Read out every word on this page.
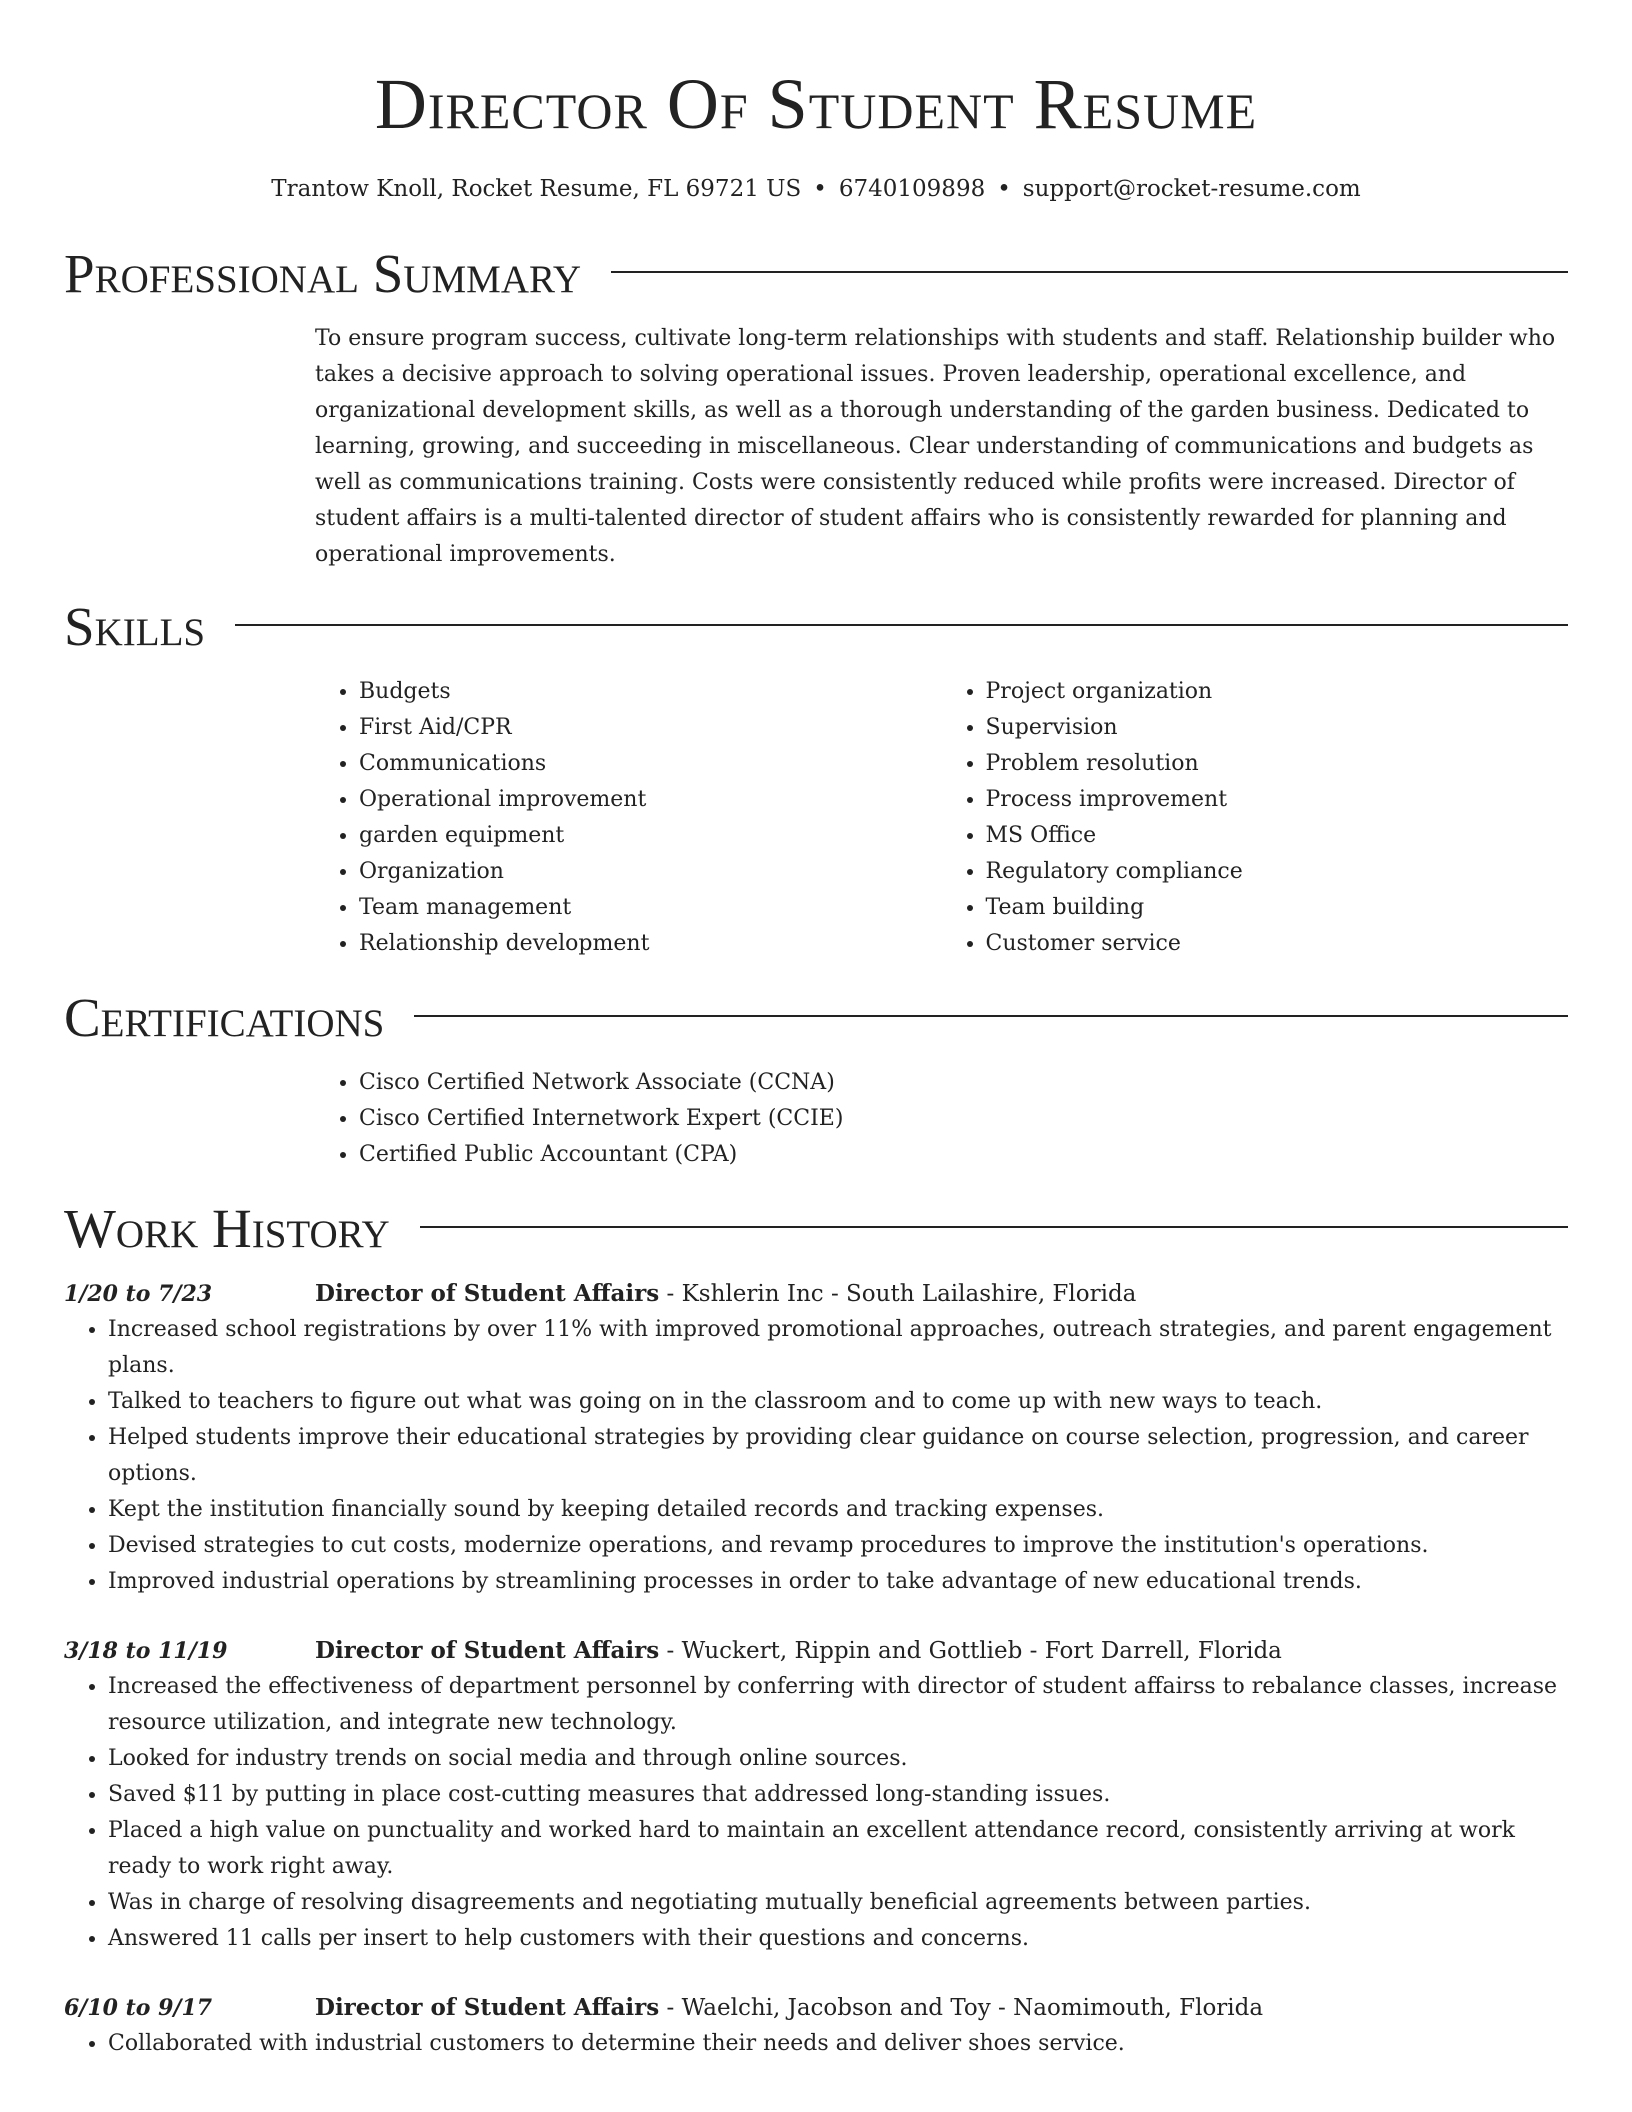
Director Of Student Resume
Trantow Knoll, Rocket Resume, FL 69721 US • 6740109898 • support@rocket-resume.com
Professional Summary
To ensure program success, cultivate long-term relationships with students and staff. Relationship builder who takes a decisive approach to solving operational issues. Proven leadership, operational excellence, and organizational development skills, as well as a thorough understanding of the garden business. Dedicated to learning, growing, and succeeding in miscellaneous. Clear understanding of communications and budgets as well as communications training. Costs were consistently reduced while profits were increased. Director of student affairs is a multi-talented director of student affairs who is consistently rewarded for planning and operational improvements.
Skills
• Budgets
• First Aid/CPR
• Communications
• Operational improvement
• garden equipment
• Organization
• Team management
• Relationship development
• Project organization
• Supervision
• Problem resolution
• Process improvement
• MS Office
• Regulatory compliance
• Team building
• Customer service
Certifications
• Cisco Certified Network Associate (CCNA)
• Cisco Certified Internetwork Expert (CCIE)
• Certified Public Accountant (CPA)
Work History
1/20 to 7/23	Director of Student Affairs - Kshlerin Inc - South Lailashire, Florida
• Increased school registrations by over 11% with improved promotional approaches, outreach strategies, and parent engagement plans.
• Talked to teachers to figure out what was going on in the classroom and to come up with new ways to teach.
• Helped students improve their educational strategies by providing clear guidance on course selection, progression, and career options.
• Kept the institution financially sound by keeping detailed records and tracking expenses.
• Devised strategies to cut costs, modernize operations, and revamp procedures to improve the institution's operations.
• Improved industrial operations by streamlining processes in order to take advantage of new educational trends.
3/18 to 11/19	Director of Student Affairs - Wuckert, Rippin and Gottlieb - Fort Darrell, Florida
• Increased the effectiveness of department personnel by conferring with director of student affairss to rebalance classes, increase resource utilization, and integrate new technology.
• Looked for industry trends on social media and through online sources.
• Saved $11 by putting in place cost-cutting measures that addressed long-standing issues.
• Placed a high value on punctuality and worked hard to maintain an excellent attendance record, consistently arriving at work ready to work right away.
• Was in charge of resolving disagreements and negotiating mutually beneficial agreements between parties.
• Answered 11 calls per insert to help customers with their questions and concerns.
6/10 to 9/17	Director of Student Affairs - Waelchi, Jacobson and Toy - Naomimouth, Florida
• Collaborated with industrial customers to determine their needs and deliver shoes service.
